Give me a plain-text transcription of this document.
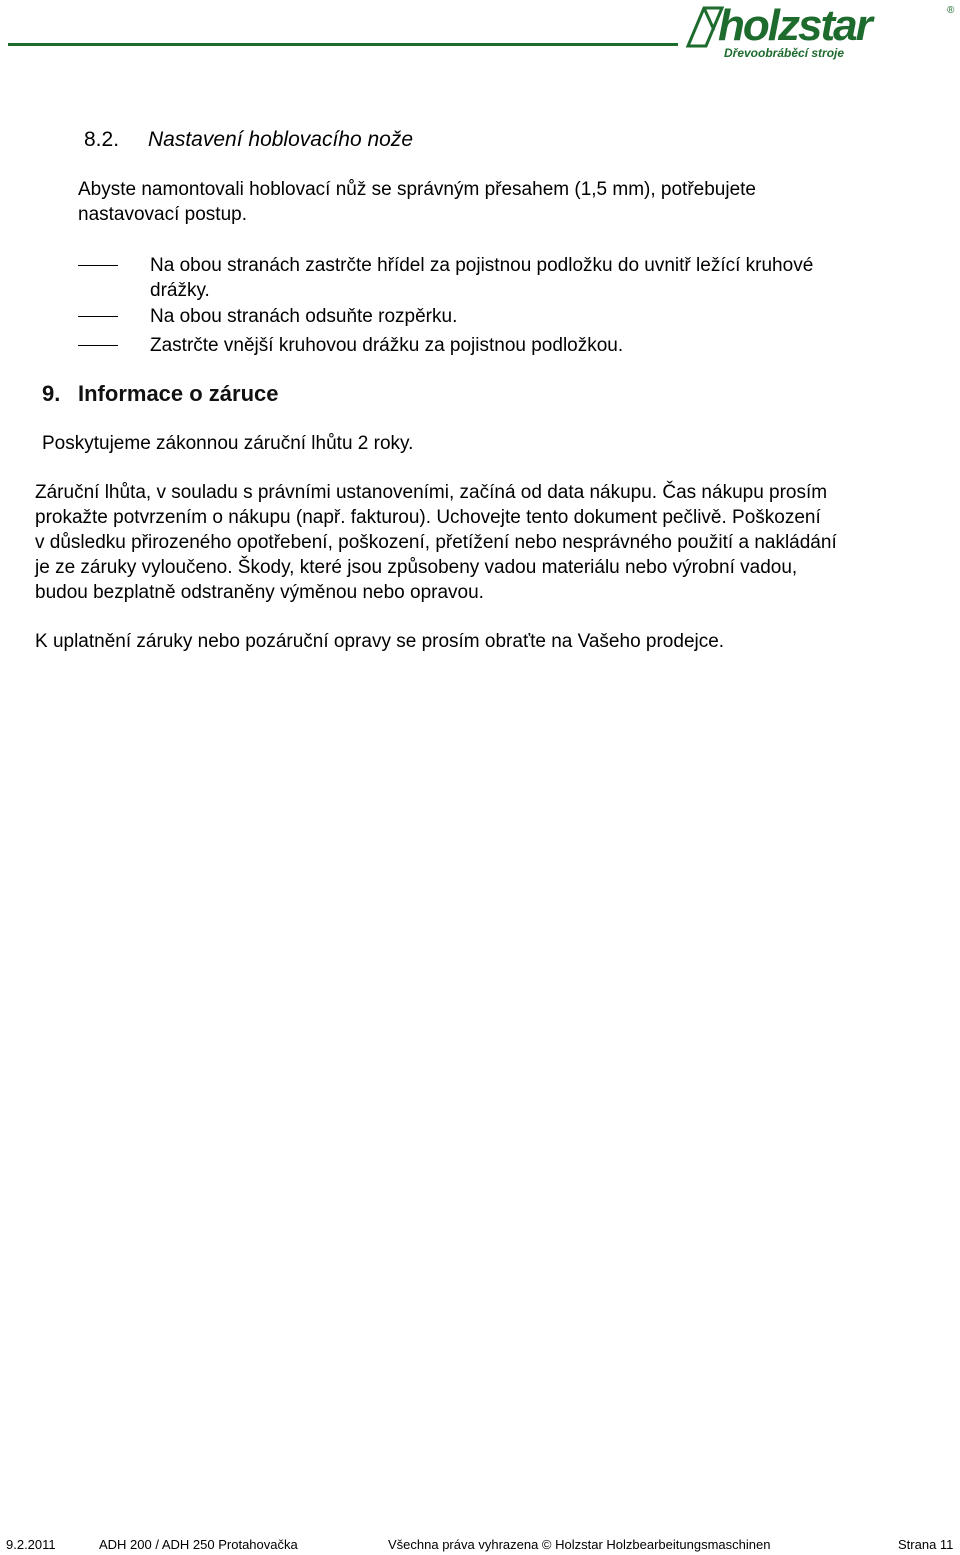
holzstar	®
Dřevoobráběcí stroje
8.2. Nastavení hoblovacího nože
Abyste namontovali hoblovací nůž se správným přesahem (1,5 mm), potřebujete
nastavovací postup.
Na obou stranách zastrčte hřídel za pojistnou podložku do uvnitř ležící kruhové
drážky.
Na obou stranách odsuňte rozpěrku.
Zastrčte vnější kruhovou drážku za pojistnou podložkou.
9. Informace o záruce
Poskytujeme zákonnou záruční lhůtu 2 roky.
Záruční lhůta, v souladu s právními ustanoveními, začíná od data nákupu. Čas nákupu prosím
prokažte potvrzením o nákupu (např. fakturou). Uchovejte tento dokument pečlivě. Poškození
v důsledku přirozeného opotřebení, poškození, přetížení nebo nesprávného použití a nakládání
je ze záruky vyloučeno. Škody, které jsou způsobeny vadou materiálu nebo výrobní vadou,
budou bezplatně odstraněny výměnou nebo opravou.
K uplatnění záruky nebo pozáruční opravy se prosím obraťte na Vašeho prodejce.
9.2.2011	ADH 200 / ADH 250 Protahovačka	Všechna práva vyhrazena © Holzstar Holzbearbeitungsmaschinen	Strana 11
